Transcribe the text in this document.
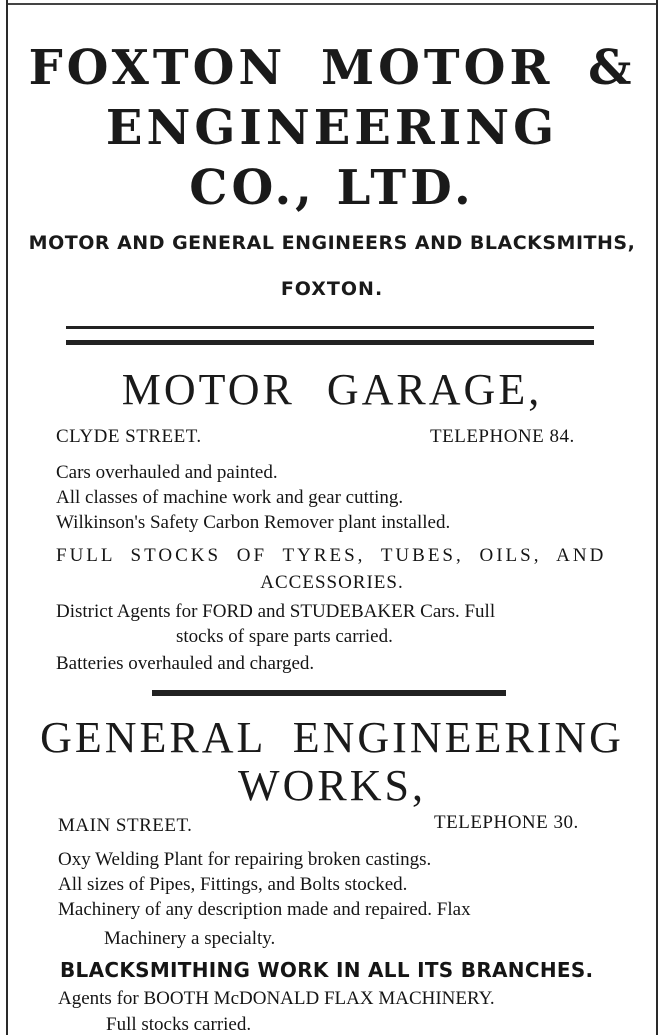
FOXTON MOTOR &
ENGINEERING
CO., LTD.
MOTOR AND GENERAL ENGINEERS AND BLACKSMITHS,
FOXTON.
MOTOR GARAGE,
CLYDE STREET.	TELEPHONE 84.
Cars overhauled and painted.
All classes of machine work and gear cutting.
Wilkinson's Safety Carbon Remover plant installed.
FULL STOCKS OF TYRES, TUBES, OILS, AND
ACCESSORIES.
District Agents for FORD and STUDEBAKER Cars. Full
stocks of spare parts carried.
Batteries overhauled and charged.
GENERAL ENGINEERING
WORKS,
MAIN STREET.	TELEPHONE 30.
Oxy Welding Plant for repairing broken castings.
All sizes of Pipes, Fittings, and Bolts stocked.
Machinery of any description made and repaired. Flax
Machinery a specialty.
BLACKSMITHING WORK IN ALL ITS BRANCHES.
Agents for BOOTH McDONALD FLAX MACHINERY.
Full stocks carried.
